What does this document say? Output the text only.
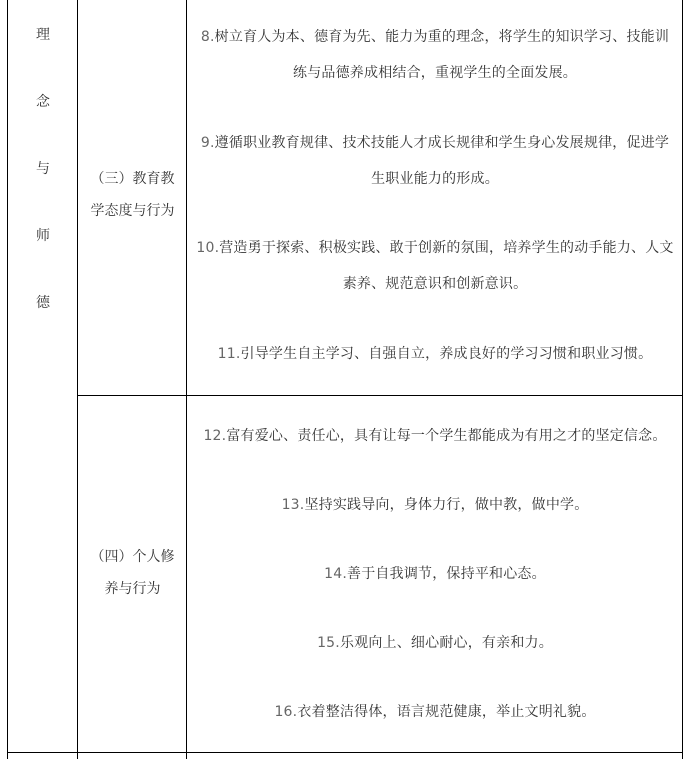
理
念
与
师
德
（三）教育教
学态度与行为
（四）个人修
养与行为
8.树立育人为本、德育为先、能力为重的理念，将学生的知识学习、技能训
练与品德养成相结合，重视学生的全面发展。
9.遵循职业教育规律、技术技能人才成长规律和学生身心发展规律，促进学
生职业能力的形成。
10.营造勇于探索、积极实践、敢于创新的氛围，培养学生的动手能力、人文
素养、规范意识和创新意识。
11.引导学生自主学习、自强自立，养成良好的学习习惯和职业习惯。
12.富有爱心、责任心，具有让每一个学生都能成为有用之才的坚定信念。
13.坚持实践导向，身体力行，做中教，做中学。
14.善于自我调节，保持平和心态。
15.乐观向上、细心耐心，有亲和力。
16.衣着整洁得体，语言规范健康，举止文明礼貌。
